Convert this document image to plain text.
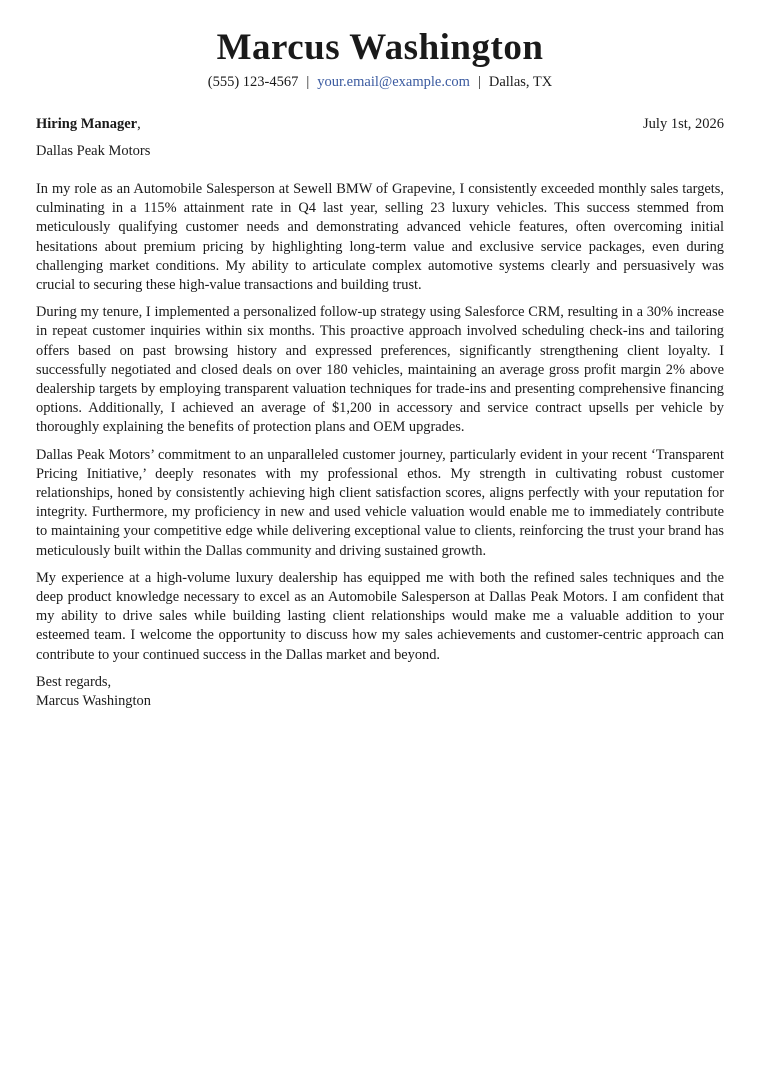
Marcus Washington
(555) 123-4567 | your.email@example.com | Dallas, TX
Hiring Manager,	July 1st, 2026
Dallas Peak Motors

In my role as an Automobile Salesperson at Sewell BMW of Grapevine, I consistently exceeded monthly sales targets, culminating in a 115% attainment rate in Q4 last year, selling 23 luxury vehicles. This success stemmed from meticulously qualifying customer needs and demonstrating advanced vehicle features, often overcoming initial hesitations about premium pricing by highlighting long-term value and exclusive service packages, even during challenging market conditions. My ability to articulate complex automotive systems clearly and persuasively was crucial to securing these high-value transactions and building trust.

During my tenure, I implemented a personalized follow-up strategy using Salesforce CRM, resulting in a 30% increase in repeat customer inquiries within six months. This proactive approach involved scheduling check-ins and tailoring offers based on past browsing history and expressed preferences, significantly strengthening client loyalty. I successfully negotiated and closed deals on over 180 vehicles, maintaining an average gross profit margin 2% above dealership targets by employing transparent valuation techniques for trade-ins and presenting comprehensive financing options. Additionally, I achieved an average of $1,200 in accessory and service contract upsells per vehicle by thoroughly explaining the benefits of protection plans and OEM upgrades.

Dallas Peak Motors’ commitment to an unparalleled customer journey, particularly evident in your recent ‘Transparent Pricing Initiative,’ deeply resonates with my professional ethos. My strength in cultivating robust customer relationships, honed by consistently achieving high client satisfaction scores, aligns perfectly with your reputation for integrity. Furthermore, my proficiency in new and used vehicle valuation would enable me to immediately contribute to maintaining your competitive edge while delivering exceptional value to clients, reinforcing the trust your brand has meticulously built within the Dallas community and driving sustained growth.

My experience at a high-volume luxury dealership has equipped me with both the refined sales techniques and the deep product knowledge necessary to excel as an Automobile Salesperson at Dallas Peak Motors. I am confident that my ability to drive sales while building lasting client relationships would make me a valuable addition to your esteemed team. I welcome the opportunity to discuss how my sales achievements and customer-centric approach can contribute to your continued success in the Dallas market and beyond.

Best regards,
Marcus Washington
